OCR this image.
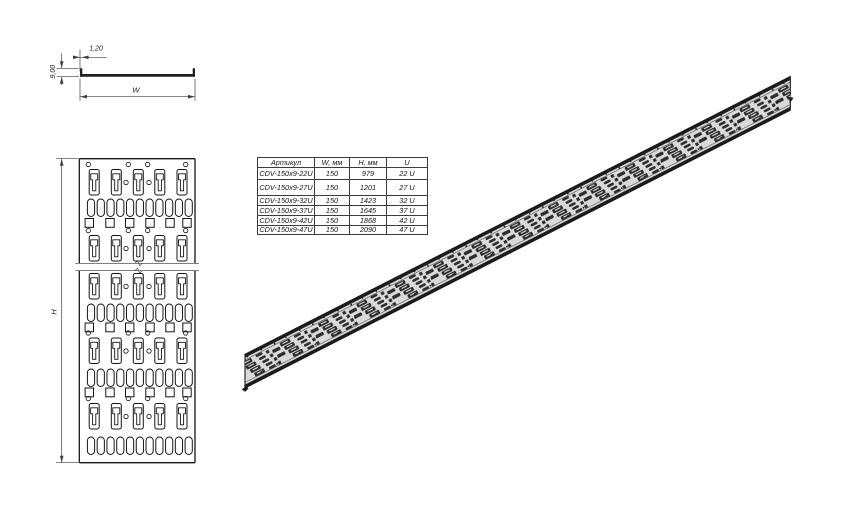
1,20
9,00
W
H
Артикул	W, мм	H, мм	U
CDV-150x9-22U	150	979	22 U
CDV-150x9-27U	150	1201	27 U
CDV-150x9-32U	150	1423	32 U
CDV-150x9-37U	150	1645	37 U
CDV-150x9-42U	150	1868	42 U
CDV-150x9-47U	150	2090	47 U
